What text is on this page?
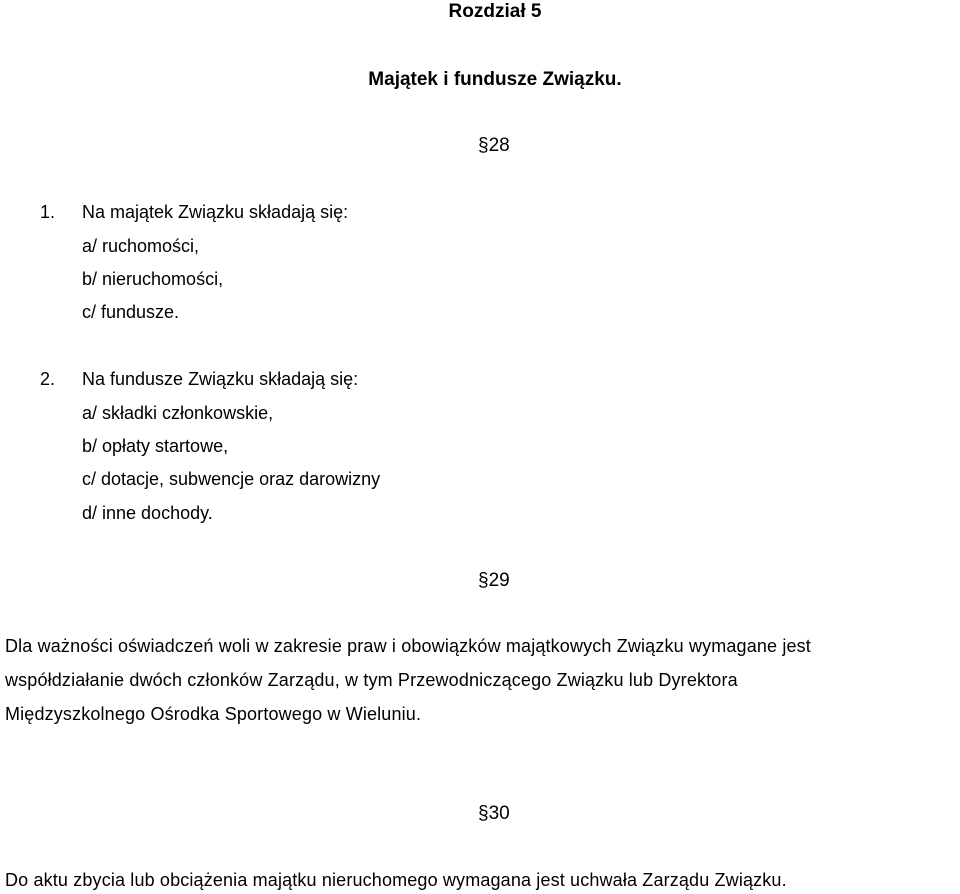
Rozdział 5
Majątek i fundusze Związku.
§28
1. Na majątek Związku składają się:
a/ ruchomości,
b/ nieruchomości,
c/ fundusze.
2. Na fundusze Związku składają się:
a/ składki członkowskie,
b/ opłaty startowe,
c/ dotacje, subwencje oraz darowizny
d/ inne dochody.
§29
Dla ważności oświadczeń woli w zakresie praw i obowiązków majątkowych Związku wymagane jest
współdziałanie dwóch członków Zarządu, w tym Przewodniczącego Związku lub Dyrektora
Międzyszkolnego Ośrodka Sportowego w Wieluniu.
§30
Do aktu zbycia lub obciążenia majątku nieruchomego wymagana jest uchwała Zarządu Związku.
